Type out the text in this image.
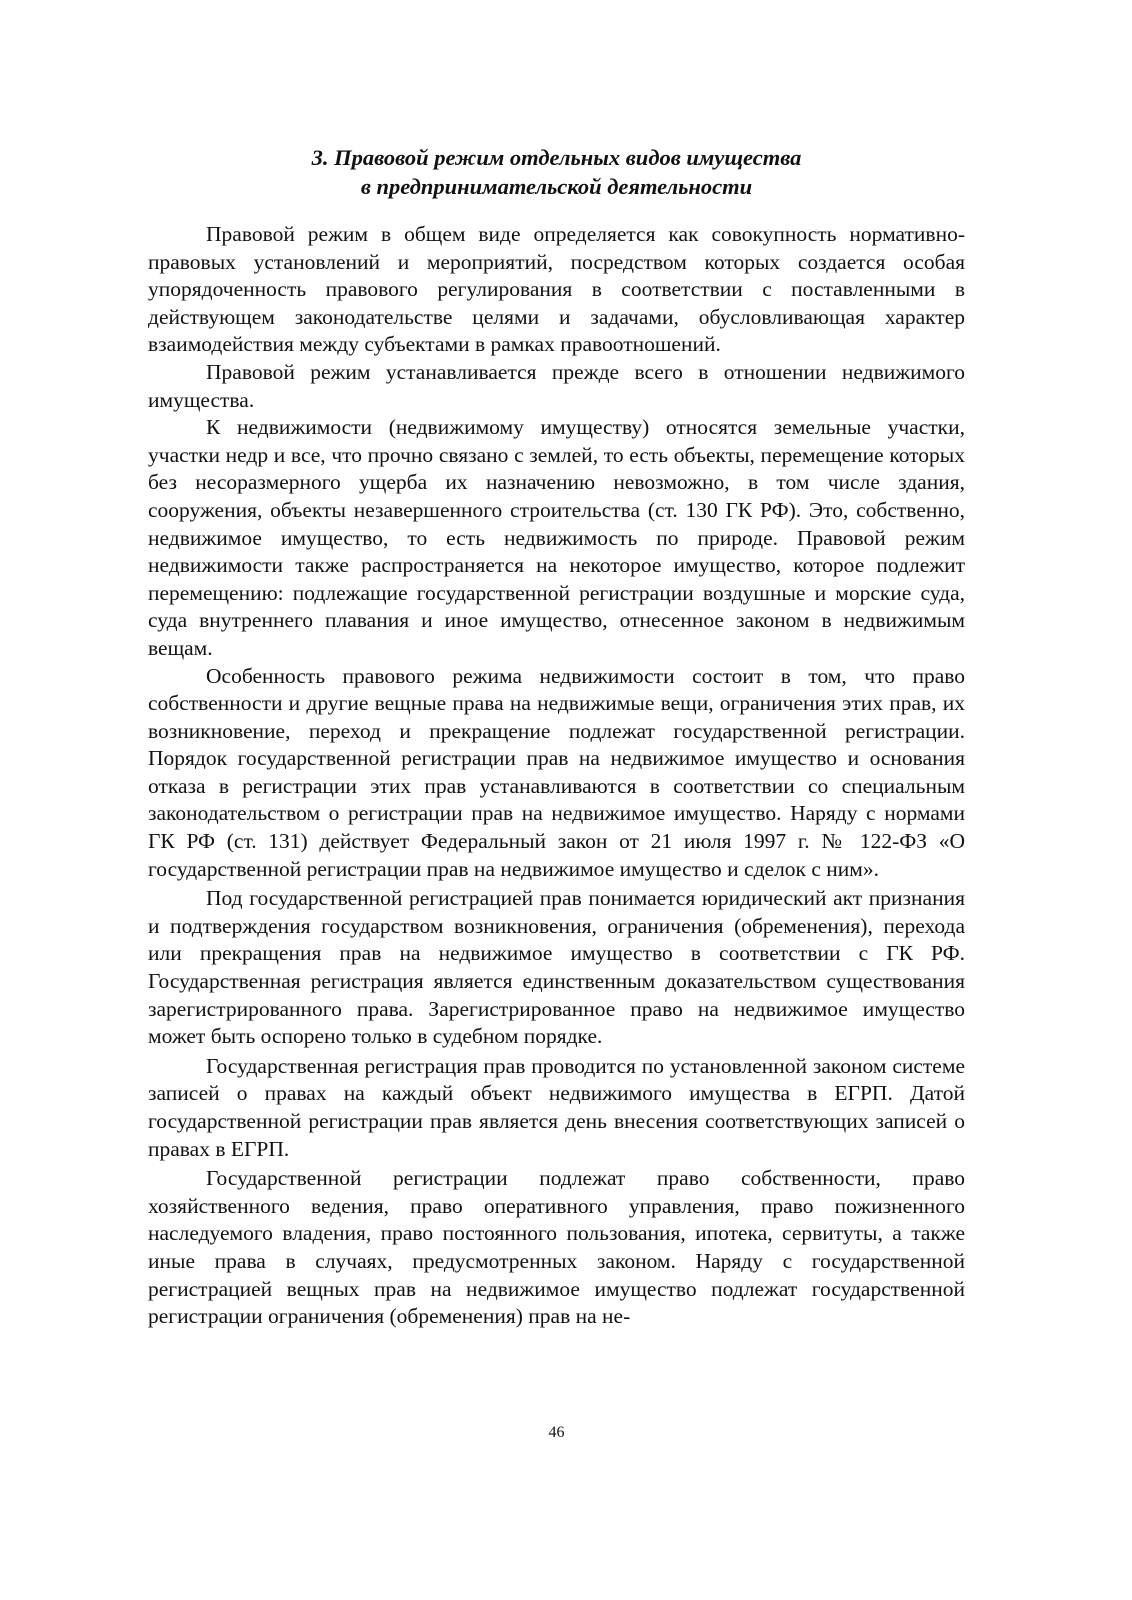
3. Правовой режим отдельных видов имущества
в предпринимательской деятельности

Правовой режим в общем виде определяется как совокупность нормативно-правовых установлений и мероприятий, посредством которых создается особая упорядоченность правового регулирования в соответствии с поставленными в действующем законодательстве целями и задачами, обусловливающая характер взаимодействия между субъектами в рамках правоотношений.

Правовой режим устанавливается прежде всего в отношении недвижимого имущества.

К недвижимости (недвижимому имуществу) относятся земельные участки, участки недр и все, что прочно связано с землей, то есть объекты, перемещение которых без несоразмерного ущерба их назначению невозможно, в том числе здания, сооружения, объекты незавершенного строительства (ст. 130 ГК РФ). Это, собственно, недвижимое имущество, то есть недвижимость по природе. Правовой режим недвижимости также распространяется на некоторое имущество, которое подлежит перемещению: подлежащие государственной регистрации воздушные и морские суда, суда внутреннего плавания и иное имущество, отнесенное законом в недвижимым вещам.

Особенность правового режима недвижимости состоит в том, что право собственности и другие вещные права на недвижимые вещи, ограничения этих прав, их возникновение, переход и прекращение подлежат государственной регистрации. Порядок государственной регистрации прав на недвижимое имущество и основания отказа в регистрации этих прав устанавливаются в соответствии со специальным законодательством о регистрации прав на недвижимое имущество. Наряду с нормами ГК РФ (ст. 131) действует Федеральный закон от 21 июля 1997 г. № 122-ФЗ «О государственной регистрации прав на недвижимое имущество и сделок с ним».

Под государственной регистрацией прав понимается юридический акт признания и подтверждения государством возникновения, ограничения (обременения), перехода или прекращения прав на недвижимое имущество в соответствии с ГК РФ. Государственная регистрация является единственным доказательством существования зарегистрированного права. Зарегистрированное право на недвижимое имущество может быть оспорено только в судебном порядке.

Государственная регистрация прав проводится по установленной законом системе записей о правах на каждый объект недвижимого имущества в ЕГРП. Датой государственной регистрации прав является день внесения соответствующих записей о правах в ЕГРП.

Государственной регистрации подлежат право собственности, право хозяйственного ведения, право оперативного управления, право пожизненного наследуемого владения, право постоянного пользования, ипотека, сервитуты, а также иные права в случаях, предусмотренных законом. Наряду с государственной регистрацией вещных прав на недвижимое имущество подлежат государственной регистрации ограничения (обременения) прав на не-

46
